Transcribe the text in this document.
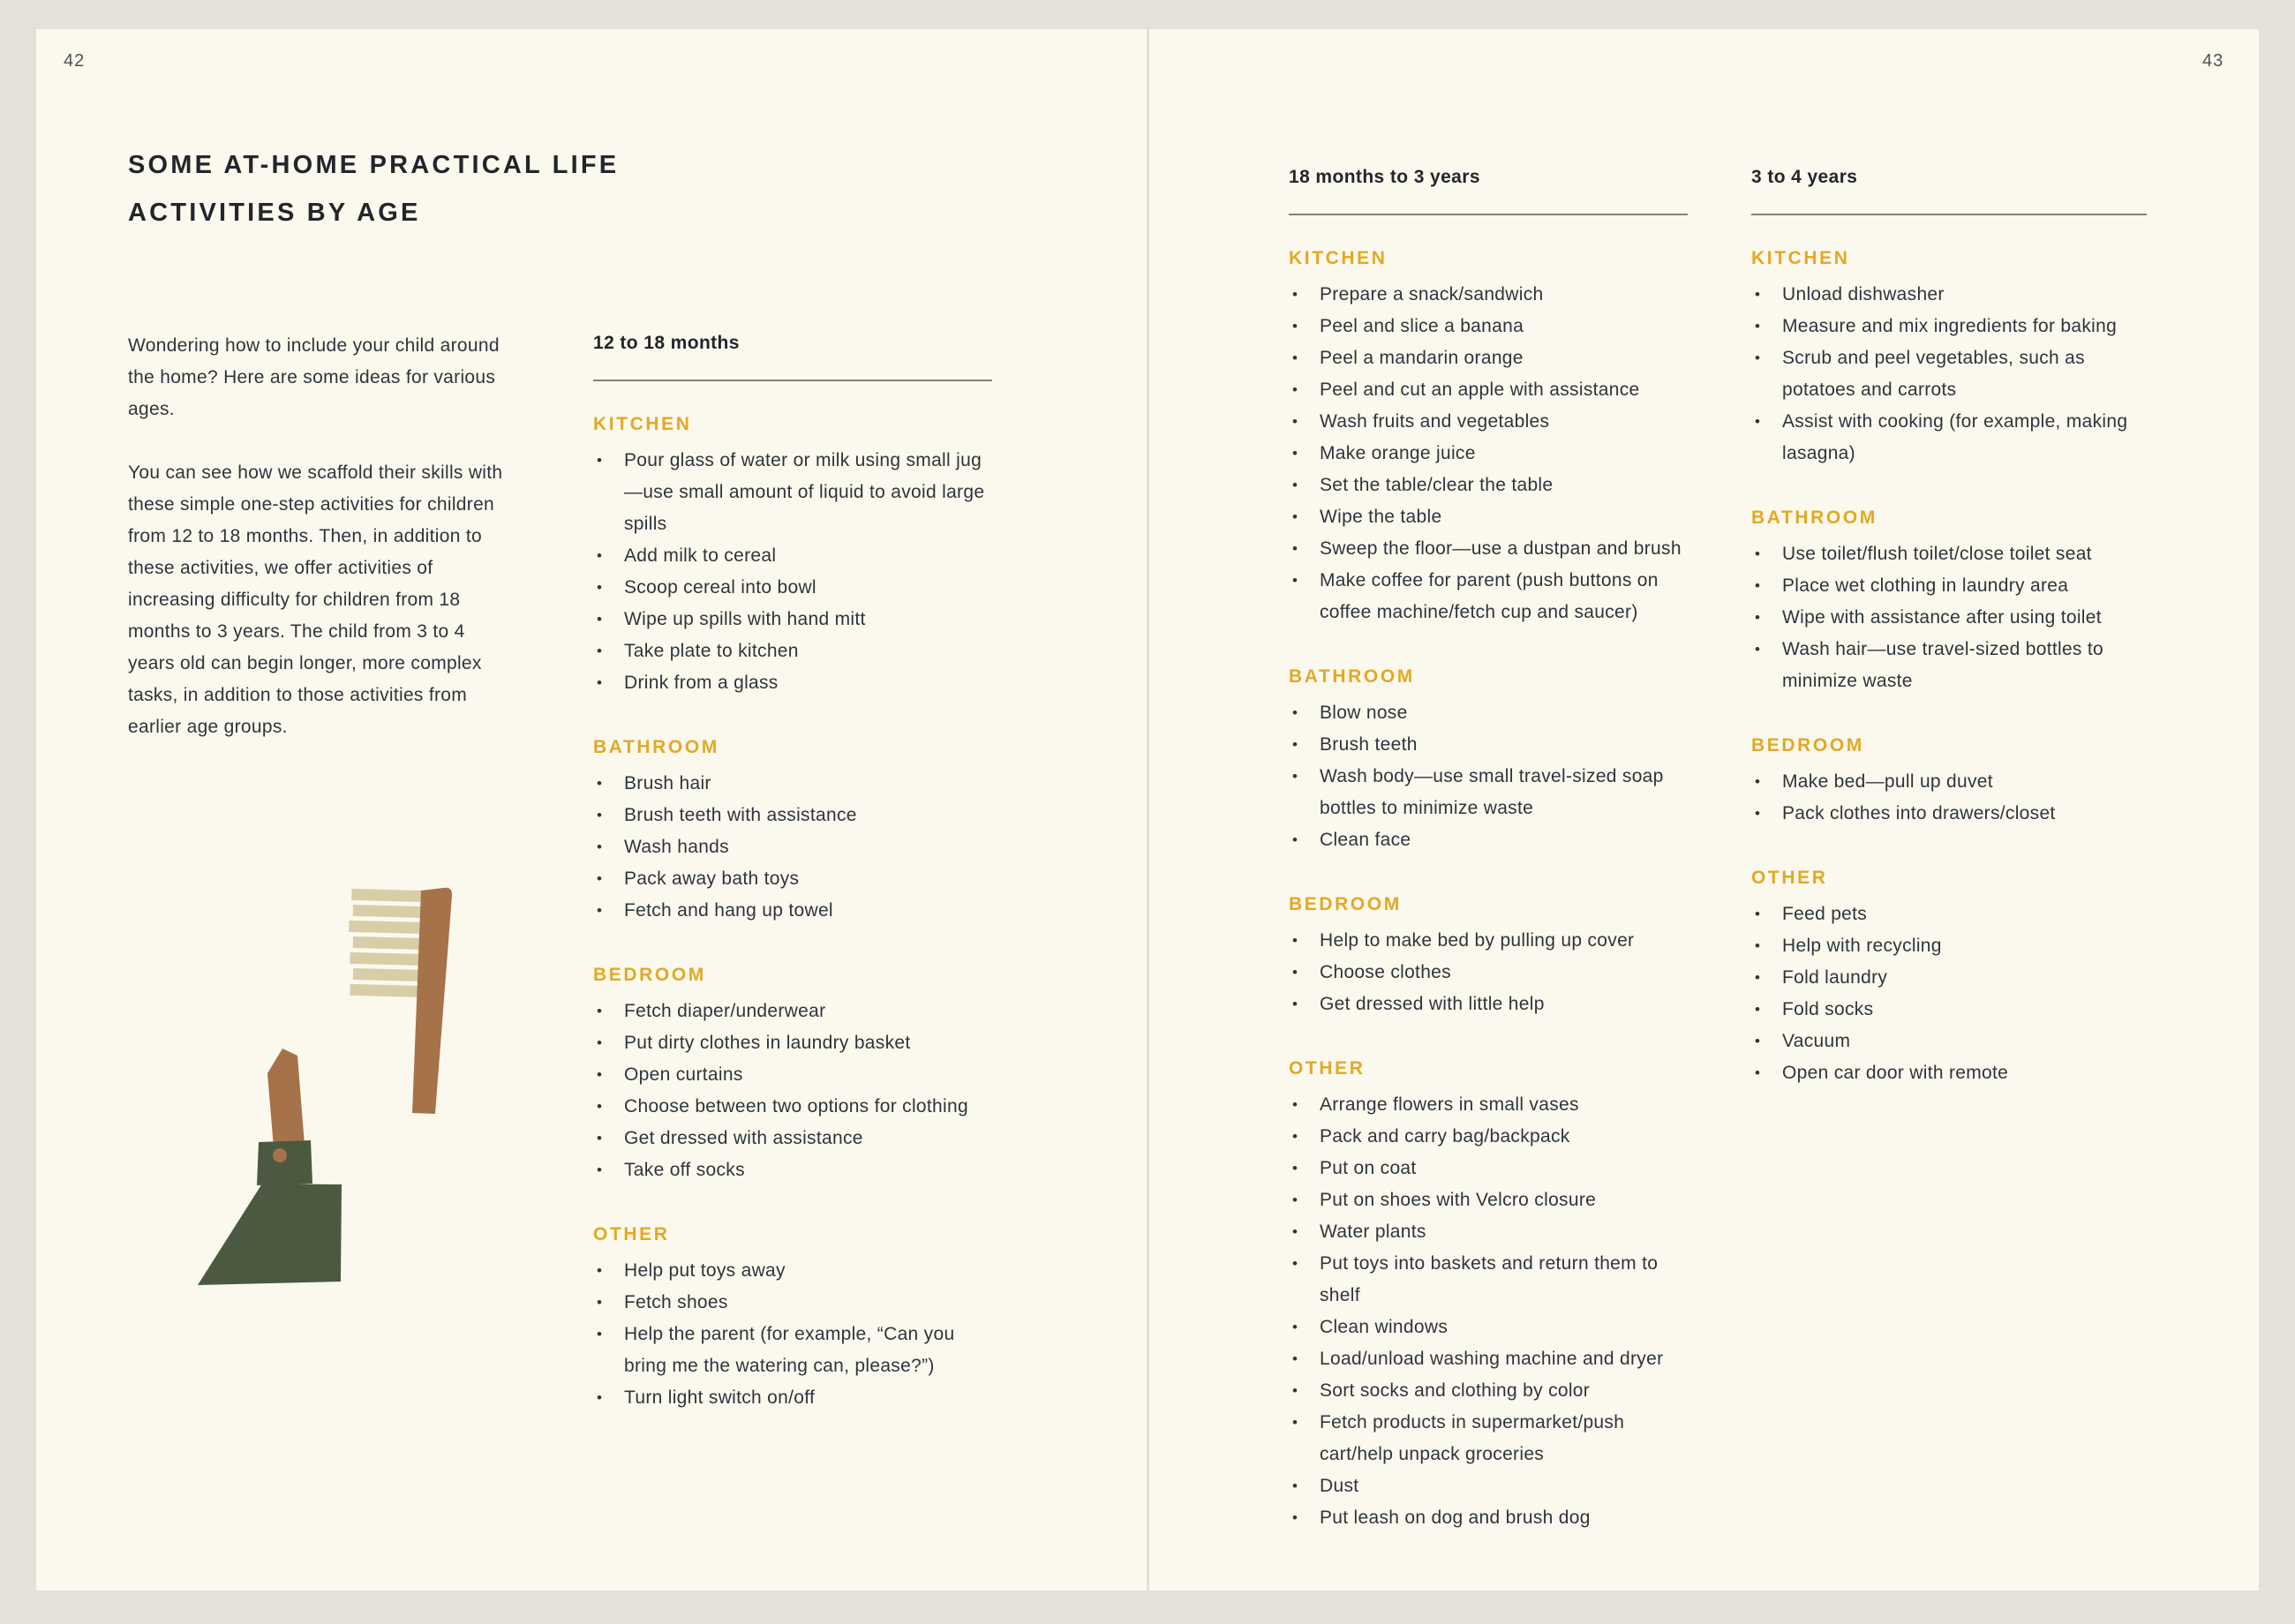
42	43
SOME AT-HOME PRACTICAL LIFE
ACTIVITIES BY AGE

Wondering how to include your child around the home? Here are some ideas for various ages.

You can see how we scaffold their skills with these simple one-step activities for children from 12 to 18 months. Then, in addition to these activities, we offer activities of increasing difficulty for children from 18 months to 3 years. The child from 3 to 4 years old can begin longer, more complex tasks, in addition to those activities from earlier age groups.

12 to 18 months
KITCHEN
• Pour glass of water or milk using small jug—use small amount of liquid to avoid large spills
• Add milk to cereal
• Scoop cereal into bowl
• Wipe up spills with hand mitt
• Take plate to kitchen
• Drink from a glass
BATHROOM
• Brush hair
• Brush teeth with assistance
• Wash hands
• Pack away bath toys
• Fetch and hang up towel
BEDROOM
• Fetch diaper/underwear
• Put dirty clothes in laundry basket
• Open curtains
• Choose between two options for clothing
• Get dressed with assistance
• Take off socks
OTHER
• Help put toys away
• Fetch shoes
• Help the parent (for example, “Can you bring me the watering can, please?”)
• Turn light switch on/off
18 months to 3 years
KITCHEN
• Prepare a snack/sandwich
• Peel and slice a banana
• Peel a mandarin orange
• Peel and cut an apple with assistance
• Wash fruits and vegetables
• Make orange juice
• Set the table/clear the table
• Wipe the table
• Sweep the floor—use a dustpan and brush
• Make coffee for parent (push buttons on coffee machine/fetch cup and saucer)
BATHROOM
• Blow nose
• Brush teeth
• Wash body—use small travel-sized soap bottles to minimize waste
• Clean face
BEDROOM
• Help to make bed by pulling up cover
• Choose clothes
• Get dressed with little help
OTHER
• Arrange flowers in small vases
• Pack and carry bag/backpack
• Put on coat
• Put on shoes with Velcro closure
• Water plants
• Put toys into baskets and return them to shelf
• Clean windows
• Load/unload washing machine and dryer
• Sort socks and clothing by color
• Fetch products in supermarket/push cart/help unpack groceries
• Dust
• Put leash on dog and brush dog
3 to 4 years
KITCHEN
• Unload dishwasher
• Measure and mix ingredients for baking
• Scrub and peel vegetables, such as potatoes and carrots
• Assist with cooking (for example, making lasagna)
BATHROOM
• Use toilet/flush toilet/close toilet seat
• Place wet clothing in laundry area
• Wipe with assistance after using toilet
• Wash hair—use travel-sized bottles to minimize waste
BEDROOM
• Make bed—pull up duvet
• Pack clothes into drawers/closet
OTHER
• Feed pets
• Help with recycling
• Fold laundry
• Fold socks
• Vacuum
• Open car door with remote
